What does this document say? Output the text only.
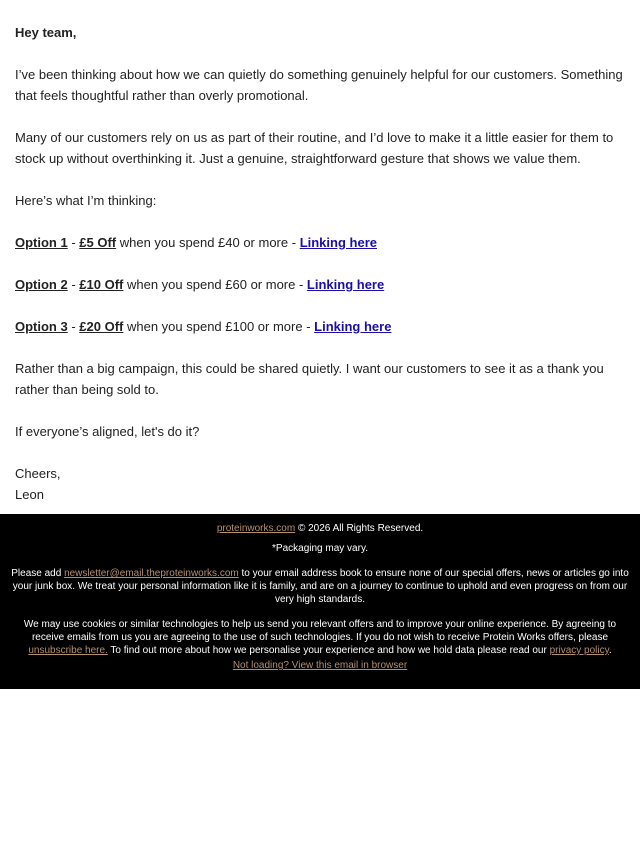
Hey team,

I’ve been thinking about how we can quietly do something genuinely helpful for our customers. Something that feels thoughtful rather than overly promotional.

Many of our customers rely on us as part of their routine, and I’d love to make it a little easier for them to stock up without overthinking it. Just a genuine, straightforward gesture that shows we value them.

Here’s what I’m thinking:

Option 1 - £5 Off when you spend £40 or more - Linking here

Option 2 - £10 Off when you spend £60 or more - Linking here

Option 3 - £20 Off when you spend £100 or more - Linking here

Rather than a big campaign, this could be shared quietly. I want our customers to see it as a thank you rather than being sold to.

If everyone’s aligned, let's do it?

Cheers,

Leon

proteinworks.com © 2026 All Rights Reserved.

*Packaging may vary.

Please add newsletter@email.theproteinworks.com to your email address book to ensure none of our special offers, news or articles go into your junk box. We treat your personal information like it is family, and are on a journey to continue to uphold and even progress on from our very high standards.

We may use cookies or similar technologies to help us send you relevant offers and to improve your online experience. By agreeing to receive emails from us you are agreeing to the use of such technologies. If you do not wish to receive Protein Works offers, please unsubscribe here. To find out more about how we personalise your experience and how we hold data please read our privacy policy.

Not loading? View this email in browser
